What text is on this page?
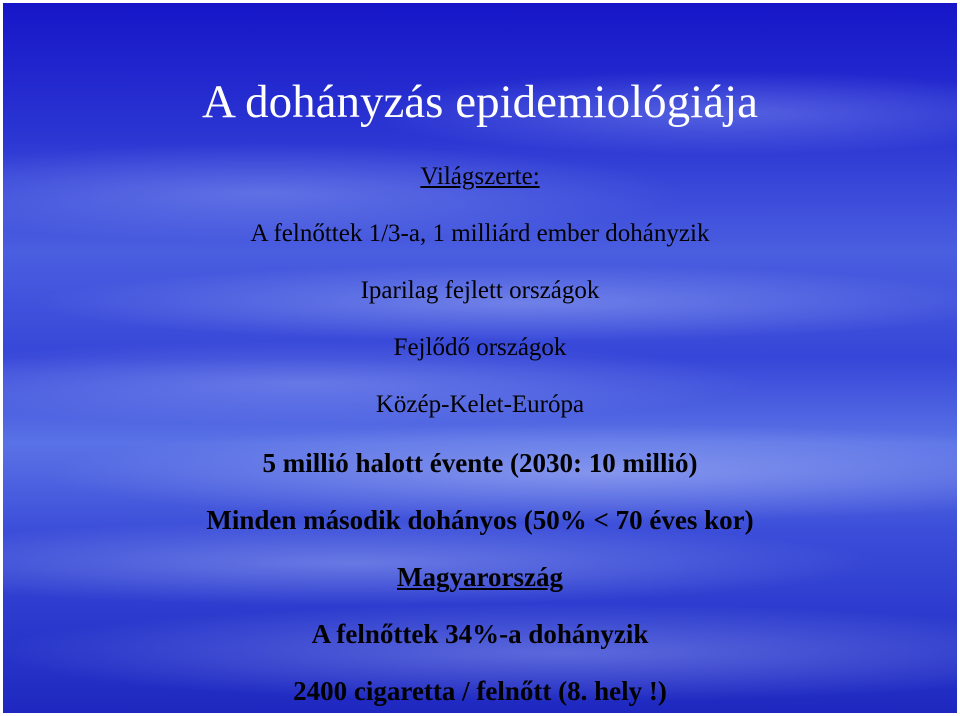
A dohányzás epidemiológiája
Világszerte:
A felnőttek 1/3-a, 1 milliárd ember dohányzik
Iparilag fejlett országok
Fejlődő országok
Közép-Kelet-Európa
5 millió halott évente (2030: 10 millió)
Minden második dohányos (50% < 70 éves kor)
Magyarország
A felnőttek 34%-a dohányzik
2400 cigaretta / felnőtt (8. hely !)
